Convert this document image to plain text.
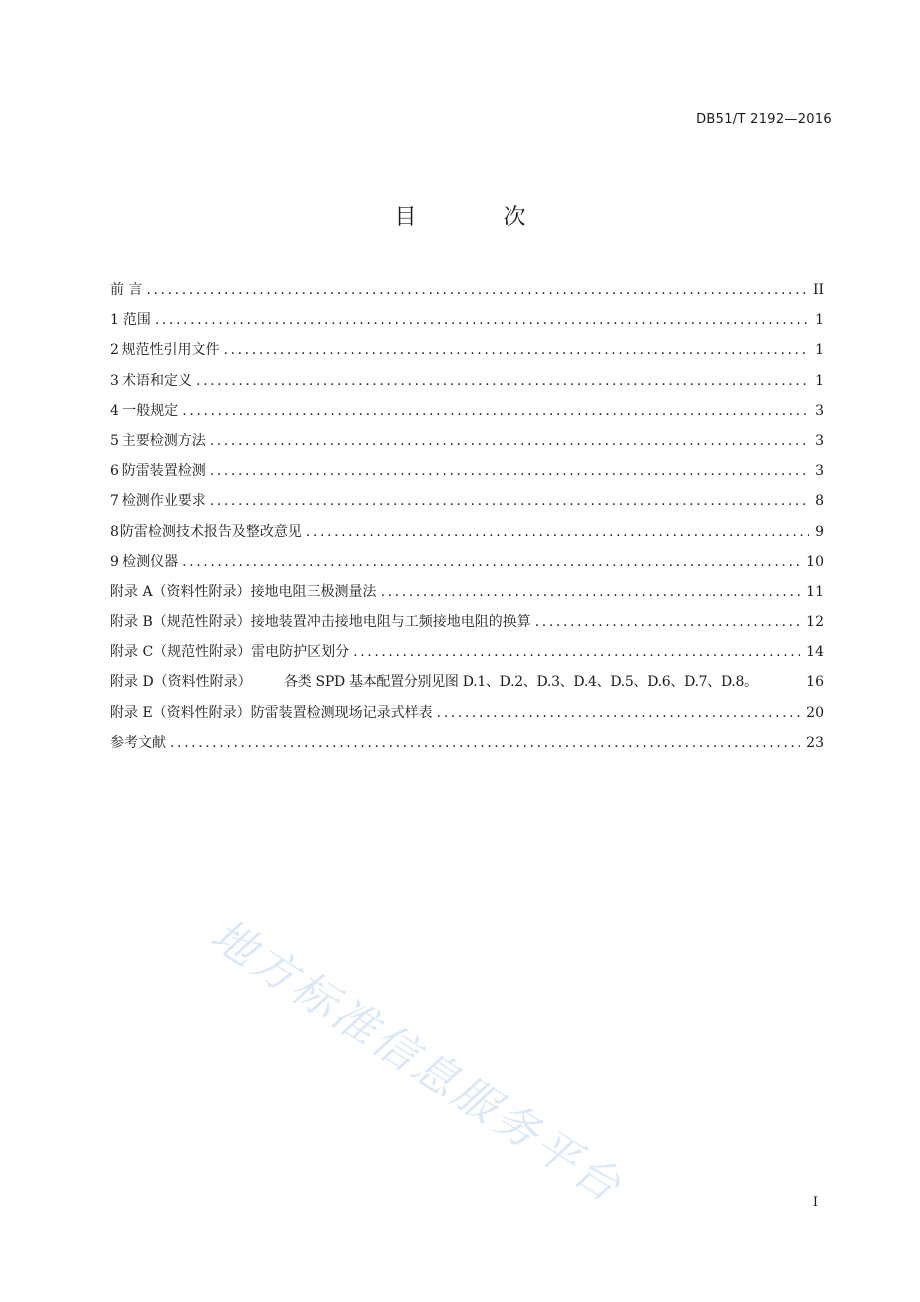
DB51/T 2192—2016
目 次
前 言 .....	II
1 范围 .....	1
2 规范性引用文件 .....	1
3 术语和定义 .....	1
4 一般规定 .....	3
5 主要检测方法 .....	3
6 防雷装置检测 .....	3
7 检测作业要求 .....	8
8 防雷检测技术报告及整改意见 .....	9
9 检测仪器 .....	10
附录 A（资料性附录） 接地电阻三极测量法 .....	11
附录 B（规范性附录） 接地装置冲击接地电阻与工频接地电阻的换算 .....	12
附录 C（规范性附录） 雷电防护区划分 .....	14
附录 D（资料性附录）	各类 SPD 基本配置分别见图 D.1、D.2、D.3、D.4、D.5、D.6、D.7、D.8。	16
附录 E（资料性附录） 防雷装置检测现场记录式样表 .....	20
参考文献 .....	23
地方标准信息服务平台	I
